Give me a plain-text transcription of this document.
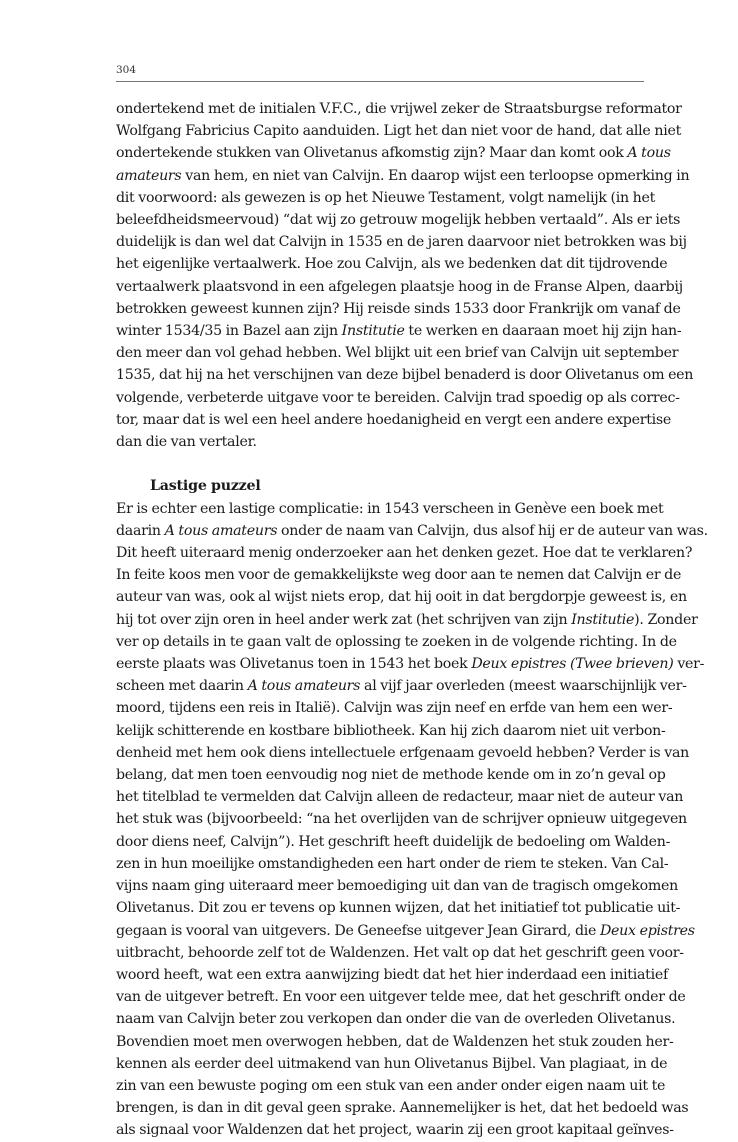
304
ondertekend met de initialen V.F.C., die vrijwel zeker de Straatsburgse reformator
Wolfgang Fabricius Capito aanduiden. Ligt het dan niet voor de hand, dat alle niet
ondertekende stukken van Olivetanus afkomstig zijn? Maar dan komt ook A tous
amateurs van hem, en niet van Calvijn. En daarop wijst een terloopse opmerking in
dit voorwoord: als gewezen is op het Nieuwe Testament, volgt namelijk (in het
beleefdheidsmeervoud) “dat wij zo getrouw mogelijk hebben vertaald”. Als er iets
duidelijk is dan wel dat Calvijn in 1535 en de jaren daarvoor niet betrokken was bij
het eigenlijke vertaalwerk. Hoe zou Calvijn, als we bedenken dat dit tijdrovende
vertaalwerk plaatsvond in een afgelegen plaatsje hoog in de Franse Alpen, daarbij
betrokken geweest kunnen zijn? Hij reisde sinds 1533 door Frankrijk om vanaf de
winter 1534/35 in Bazel aan zijn Institutie te werken en daaraan moet hij zijn han-
den meer dan vol gehad hebben. Wel blijkt uit een brief van Calvijn uit september
1535, dat hij na het verschijnen van deze bijbel benaderd is door Olivetanus om een
volgende, verbeterde uitgave voor te bereiden. Calvijn trad spoedig op als correc-
tor, maar dat is wel een heel andere hoedanigheid en vergt een andere expertise
dan die van vertaler.
Lastige puzzel
Er is echter een lastige complicatie: in 1543 verscheen in Genève een boek met
daarin A tous amateurs onder de naam van Calvijn, dus alsof hij er de auteur van was.
Dit heeft uiteraard menig onderzoeker aan het denken gezet. Hoe dat te verklaren?
In feite koos men voor de gemakkelijkste weg door aan te nemen dat Calvijn er de
auteur van was, ook al wijst niets erop, dat hij ooit in dat bergdorpje geweest is, en
hij tot over zijn oren in heel ander werk zat (het schrijven van zijn Institutie). Zonder
ver op details in te gaan valt de oplossing te zoeken in de volgende richting. In de
eerste plaats was Olivetanus toen in 1543 het boek Deux epistres (Twee brieven) ver-
scheen met daarin A tous amateurs al vijf jaar overleden (meest waarschijnlijk ver-
moord, tijdens een reis in Italië). Calvijn was zijn neef en erfde van hem een wer-
kelijk schitterende en kostbare bibliotheek. Kan hij zich daarom niet uit verbon-
denheid met hem ook diens intellectuele erfgenaam gevoeld hebben? Verder is van
belang, dat men toen eenvoudig nog niet de methode kende om in zo’n geval op
het titelblad te vermelden dat Calvijn alleen de redacteur, maar niet de auteur van
het stuk was (bijvoorbeeld: “na het overlijden van de schrijver opnieuw uitgegeven
door diens neef, Calvijn”). Het geschrift heeft duidelijk de bedoeling om Walden-
zen in hun moeilijke omstandigheden een hart onder de riem te steken. Van Cal-
vijns naam ging uiteraard meer bemoediging uit dan van de tragisch omgekomen
Olivetanus. Dit zou er tevens op kunnen wijzen, dat het initiatief tot publicatie uit-
gegaan is vooral van uitgevers. De Geneefse uitgever Jean Girard, die Deux epistres
uitbracht, behoorde zelf tot de Waldenzen. Het valt op dat het geschrift geen voor-
woord heeft, wat een extra aanwijzing biedt dat het hier inderdaad een initiatief
van de uitgever betreft. En voor een uitgever telde mee, dat het geschrift onder de
naam van Calvijn beter zou verkopen dan onder die van de overleden Olivetanus.
Bovendien moet men overwogen hebben, dat de Waldenzen het stuk zouden her-
kennen als eerder deel uitmakend van hun Olivetanus Bijbel. Van plagiaat, in de
zin van een bewuste poging om een stuk van een ander onder eigen naam uit te
brengen, is dan in dit geval geen sprake. Aannemelijker is het, dat het bedoeld was
als signaal voor Waldenzen dat het project, waarin zij een groot kapitaal geïnves-
